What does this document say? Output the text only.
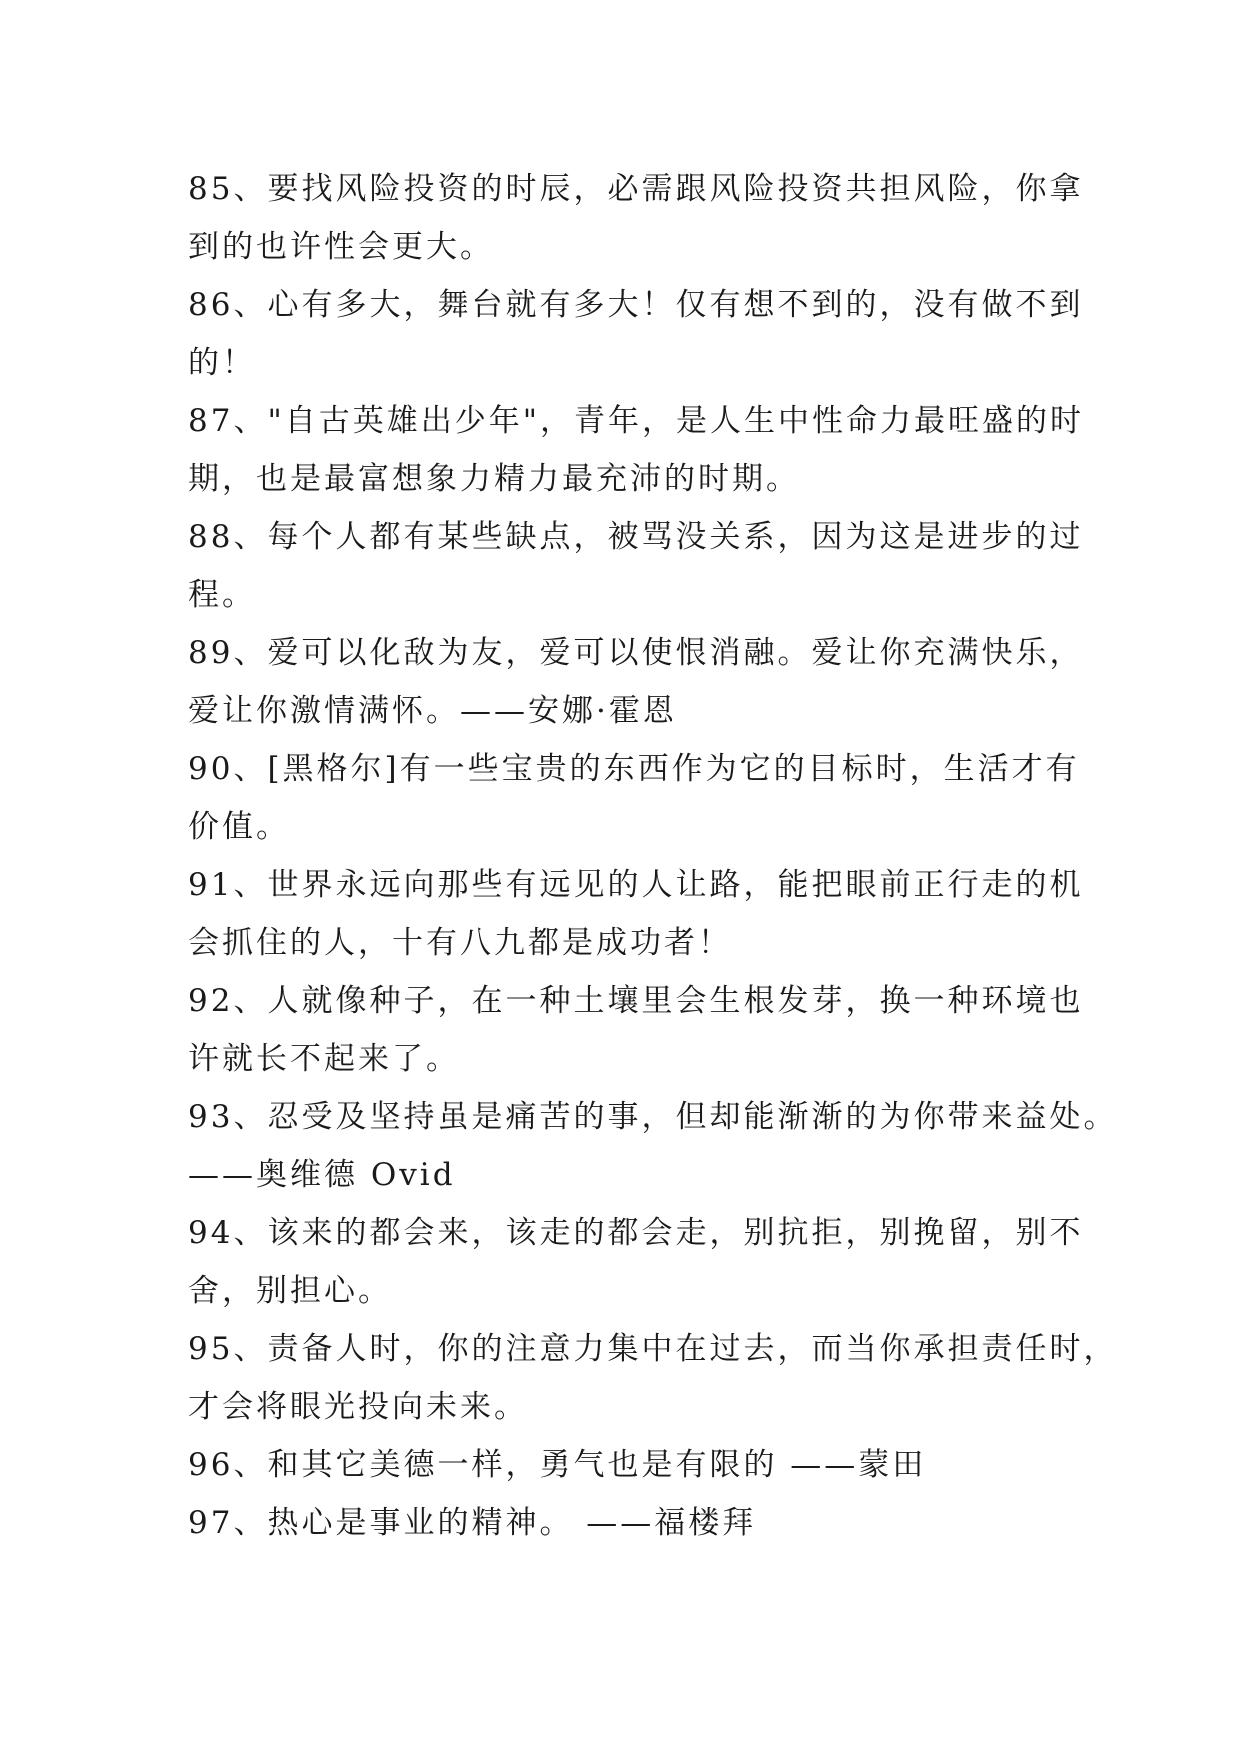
85、要找风险投资的时辰，必需跟风险投资共担风险，你拿
到的也许性会更大。
86、心有多大，舞台就有多大！仅有想不到的，没有做不到
的！
87、"自古英雄出少年"，青年，是人生中性命力最旺盛的时
期，也是最富想象力精力最充沛的时期。
88、每个人都有某些缺点，被骂没关系，因为这是进步的过
程。
89、爱可以化敌为友，爱可以使恨消融。爱让你充满快乐，
爱让你激情满怀。——安娜·霍恩
90、[黑格尔]有一些宝贵的东西作为它的目标时，生活才有
价值。
91、世界永远向那些有远见的人让路，能把眼前正行走的机
会抓住的人，十有八九都是成功者！
92、人就像种子，在一种土壤里会生根发芽，换一种环境也
许就长不起来了。
93、忍受及坚持虽是痛苦的事，但却能渐渐的为你带来益处。
——奥维德 Ovid
94、该来的都会来，该走的都会走，别抗拒，别挽留，别不
舍，别担心。
95、责备人时，你的注意力集中在过去，而当你承担责任时，
才会将眼光投向未来。
96、和其它美德一样，勇气也是有限的 ——蒙田
97、热心是事业的精神。 ——福楼拜
